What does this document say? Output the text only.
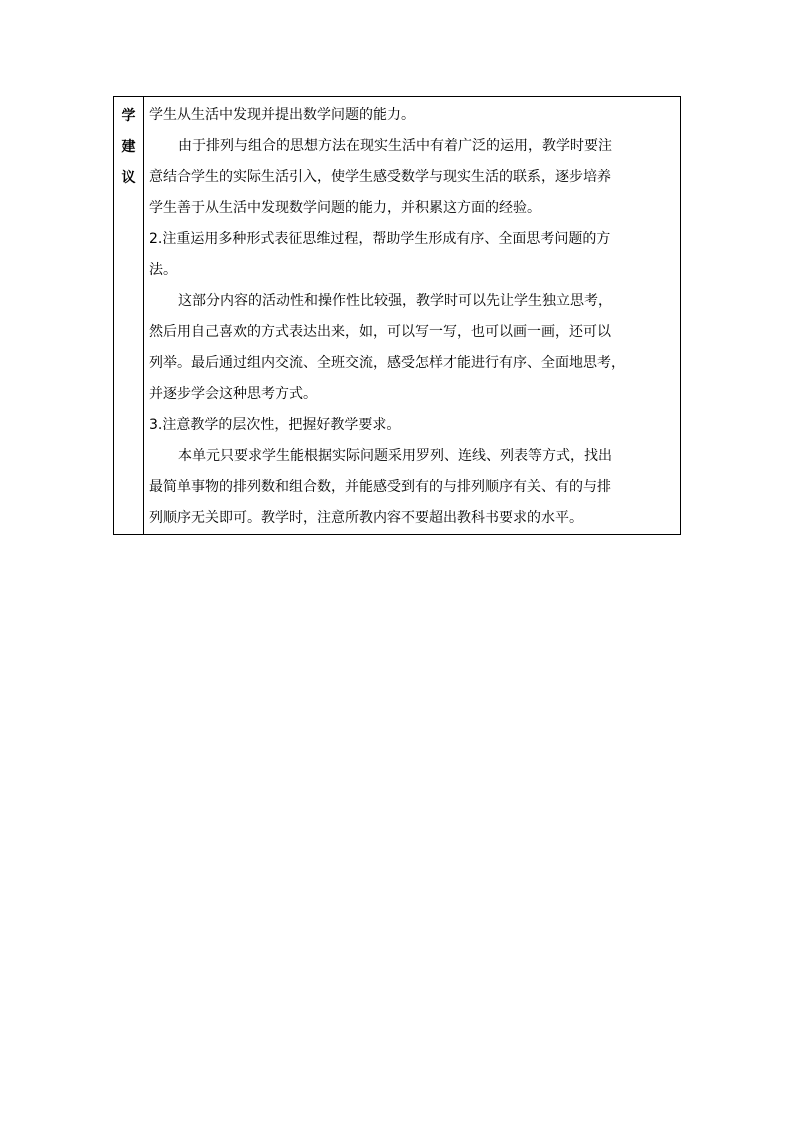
学
建
议
学生从生活中发现并提出数学问题的能力。
由于排列与组合的思想方法在现实生活中有着广泛的运用，教学时要注
意结合学生的实际生活引入，使学生感受数学与现实生活的联系，逐步培养
学生善于从生活中发现数学问题的能力，并积累这方面的经验。
2.注重运用多种形式表征思维过程，帮助学生形成有序、全面思考问题的方
法。
这部分内容的活动性和操作性比较强，教学时可以先让学生独立思考，
然后用自己喜欢的方式表达出来，如，可以写一写，也可以画一画，还可以
列举。最后通过组内交流、全班交流，感受怎样才能进行有序、全面地思考，
并逐步学会这种思考方式。
3.注意教学的层次性，把握好教学要求。
本单元只要求学生能根据实际问题采用罗列、连线、列表等方式，找出
最简单事物的排列数和组合数，并能感受到有的与排列顺序有关、有的与排
列顺序无关即可。教学时，注意所教内容不要超出教科书要求的水平。
